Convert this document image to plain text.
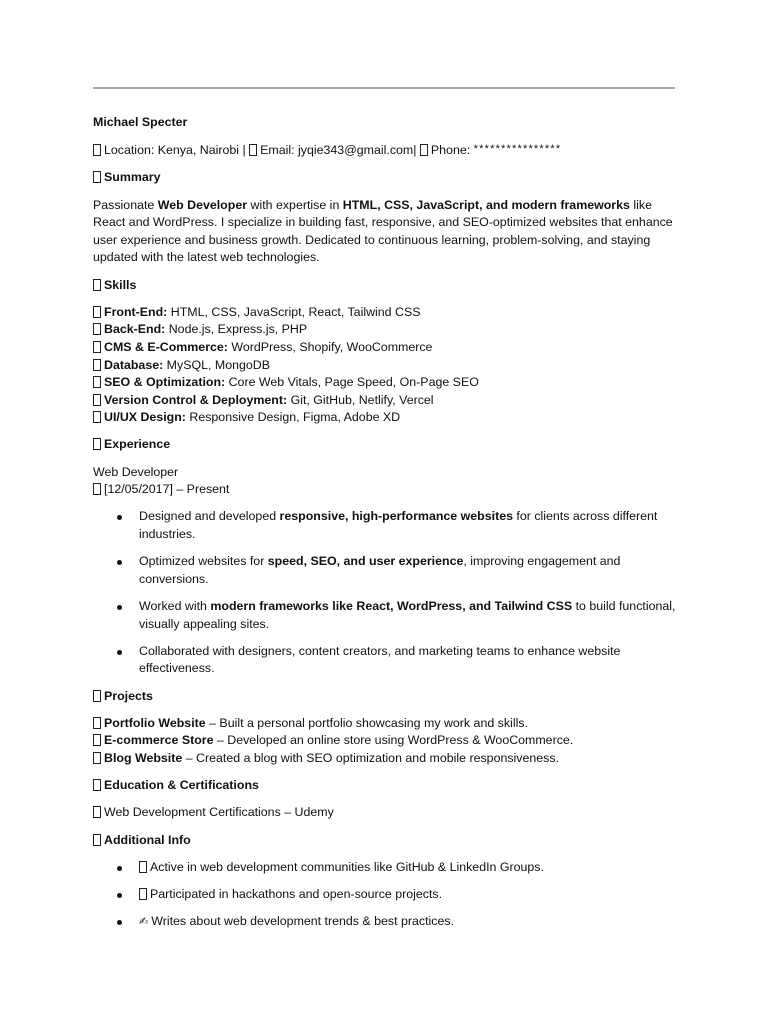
Michael Specter

Location: Kenya, Nairobi | Email: jyqie343@gmail.com| Phone: ****************

Summary

Passionate Web Developer with expertise in HTML, CSS, JavaScript, and modern frameworks like React and WordPress. I specialize in building fast, responsive, and SEO-optimized websites that enhance user experience and business growth. Dedicated to continuous learning, problem-solving, and staying updated with the latest web technologies.

Skills

Front-End: HTML, CSS, JavaScript, React, Tailwind CSS

Back-End: Node.js, Express.js, PHP

CMS & E-Commerce: WordPress, Shopify, WooCommerce

Database: MySQL, MongoDB

SEO & Optimization: Core Web Vitals, Page Speed, On-Page SEO

Version Control & Deployment: Git, GitHub, Netlify, Vercel

UI/UX Design: Responsive Design, Figma, Adobe XD

Experience

Web Developer

[12/05/2017] – Present

Designed and developed responsive, high-performance websites for clients across different industries.
Optimized websites for speed, SEO, and user experience, improving engagement and conversions.
Worked with modern frameworks like React, WordPress, and Tailwind CSS to build functional, visually appealing sites.
Collaborated with designers, content creators, and marketing teams to enhance website effectiveness.

Projects

Portfolio Website – Built a personal portfolio showcasing my work and skills.

E-commerce Store – Developed an online store using WordPress & WooCommerce.

Blog Website – Created a blog with SEO optimization and mobile responsiveness.

Education & Certifications

Web Development Certifications – Udemy

Additional Info

Active in web development communities like GitHub & LinkedIn Groups.
Participated in hackathons and open-source projects.
✍ Writes about web development trends & best practices.
